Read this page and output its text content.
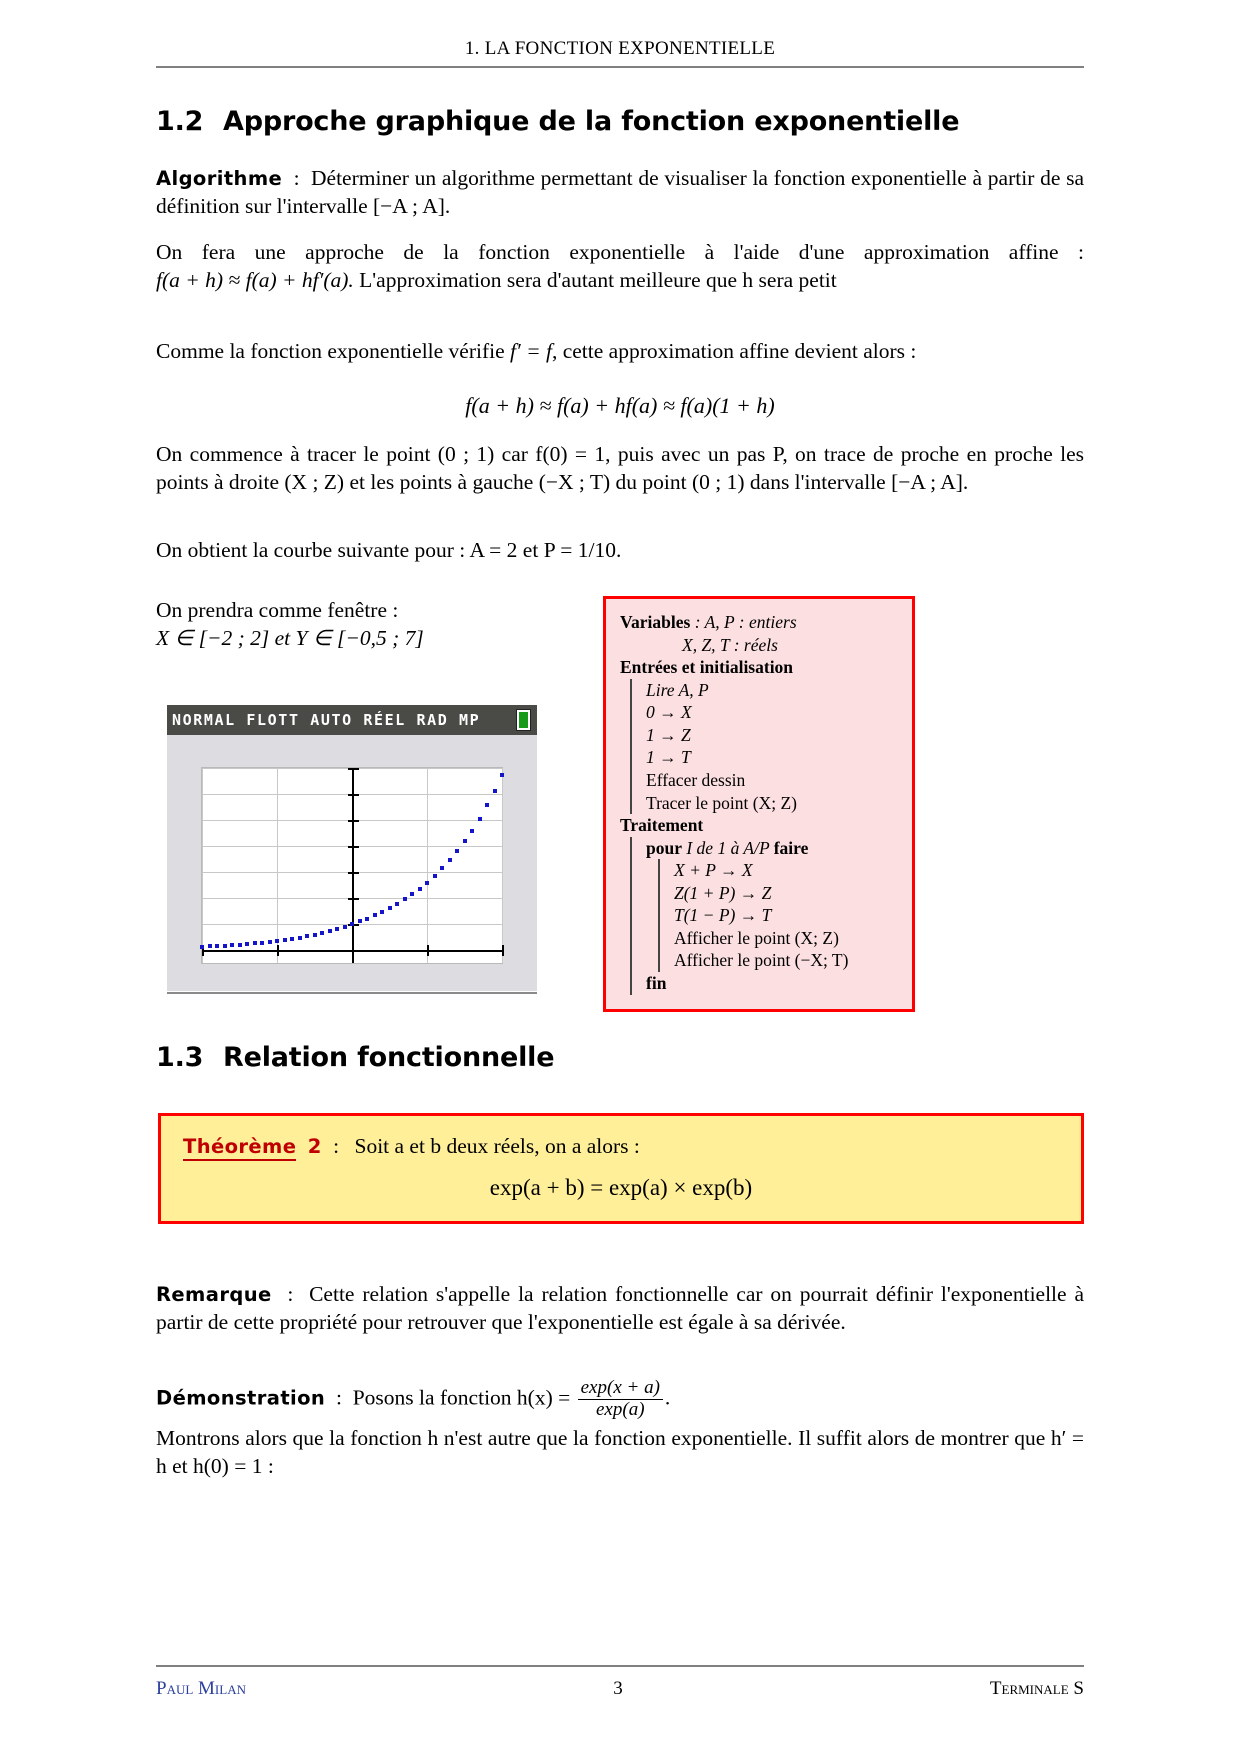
1. LA FONCTION EXPONENTIELLE
1.2 Approche graphique de la fonction exponentielle

Algorithme : Déterminer un algorithme permettant de visualiser la fonction exponentielle à partir de sa définition sur l'intervalle [−A ; A].

On fera une approche de la fonction exponentielle à l'aide d'une approximation affine : f(a + h) ≈ f(a) + hf′(a). L'approximation sera d'autant meilleure que h sera petit

Comme la fonction exponentielle vérifie f′ = f, cette approximation affine devient alors :

f(a + h) ≈ f(a) + hf(a) ≈ f(a)(1 + h)

On commence à tracer le point (0 ; 1) car f(0) = 1, puis avec un pas P, on trace de proche en proche les points à droite (X ; Z) et les points à gauche (−X ; T) du point (0 ; 1) dans l'intervalle [−A ; A].

On obtient la courbe suivante pour : A = 2 et P = 1/10.

On prendra comme fenêtre :
X ∈ [−2 ; 2] et Y ∈ [−0,5 ; 7]

Variables : A, P : entiers
X, Z, T : réels
Entrées et initialisation
Lire A, P
0 → X
1 → Z
1 → T
Effacer dessin
Tracer le point (X; Z)
Traitement
pour I de 1 à A/P faire
X + P → X
Z(1 + P) → Z
T(1 − P) → T
Afficher le point (X; Z)
Afficher le point (−X; T)
fin
NORMAL FLOTT AUTO RÉEL RAD MP
1.3 Relation fonctionnelle
Théorème 2 : Soit a et b deux réels, on a alors :
exp(a + b) = exp(a) × exp(b)

Remarque : Cette relation s'appelle la relation fonctionnelle car on pourrait définir l'exponentielle à partir de cette propriété pour retrouver que l'exponentielle est égale à sa dérivée.

Démonstration : Posons la fonction $h(x) = \frac{\exp(x + a)}{\exp(a)}$ .

Montrons alors que la fonction h n'est autre que la fonction exponentielle. Il suffit alors de montrer que h′ = h et h(0) = 1 :

Paul Milan	3	Terminale S
